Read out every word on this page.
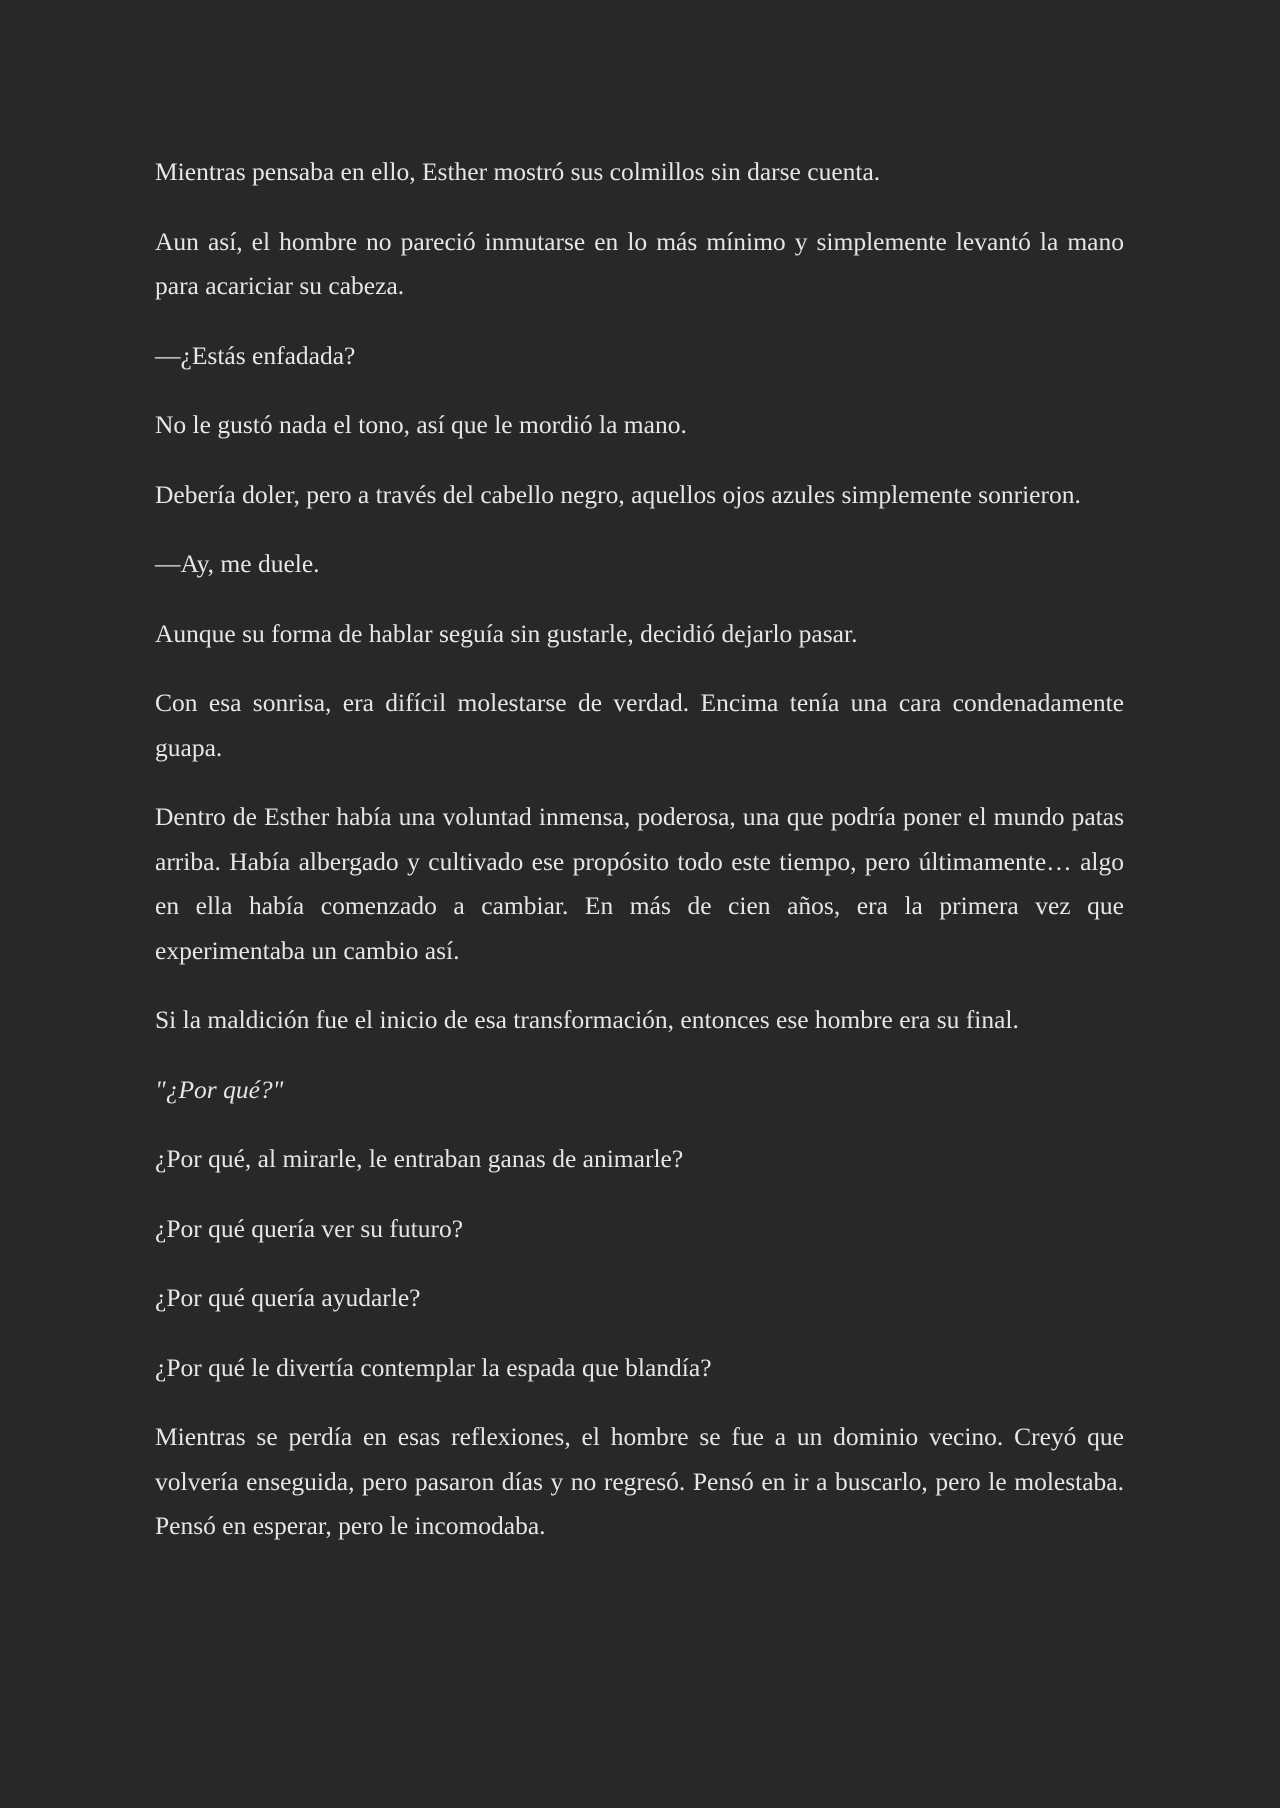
Mientras pensaba en ello, Esther mostró sus colmillos sin darse cuenta.

Aun así, el hombre no pareció inmutarse en lo más mínimo y simplemente levantó la mano para acariciar su cabeza.

—¿Estás enfadada?

No le gustó nada el tono, así que le mordió la mano.

Debería doler, pero a través del cabello negro, aquellos ojos azules simplemente sonrieron.

—Ay, me duele.

Aunque su forma de hablar seguía sin gustarle, decidió dejarlo pasar.

Con esa sonrisa, era difícil molestarse de verdad. Encima tenía una cara condenadamente guapa.

Dentro de Esther había una voluntad inmensa, poderosa, una que podría poner el mundo patas arriba. Había albergado y cultivado ese propósito todo este tiempo, pero últimamente… algo en ella había comenzado a cambiar. En más de cien años, era la primera vez que experimentaba un cambio así.

Si la maldición fue el inicio de esa transformación, entonces ese hombre era su final.

"¿Por qué?"

¿Por qué, al mirarle, le entraban ganas de animarle?

¿Por qué quería ver su futuro?

¿Por qué quería ayudarle?

¿Por qué le divertía contemplar la espada que blandía?

Mientras se perdía en esas reflexiones, el hombre se fue a un dominio vecino. Creyó que volvería enseguida, pero pasaron días y no regresó. Pensó en ir a buscarlo, pero le molestaba. Pensó en esperar, pero le incomodaba.
